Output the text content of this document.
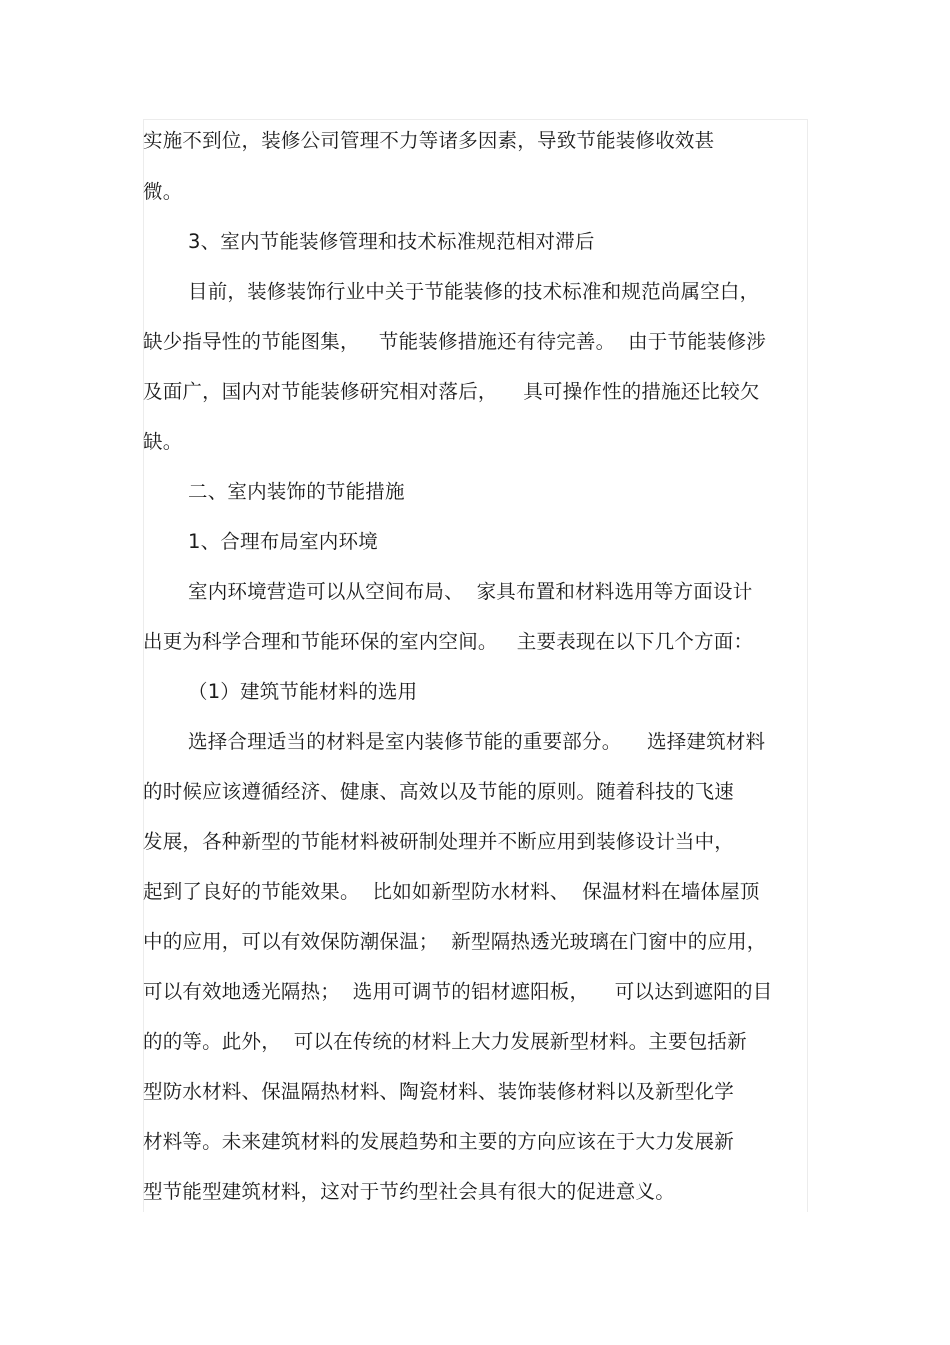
实施不到位，装修公司管理不力等诸多因素，导致节能装修收效甚
微。
3、室内节能装修管理和技术标准规范相对滞后
目前，装修装饰行业中关于节能装修的技术标准和规范尚属空白，
缺少指导性的节能图集，   节能装修措施还有待完善。  由于节能装修涉
及面广，国内对节能装修研究相对落后，    具可操作性的措施还比较欠
缺。
二、室内装饰的节能措施
1、合理布局室内环境
室内环境营造可以从空间布局、  家具布置和材料选用等方面设计
出更为科学合理和节能环保的室内空间。   主要表现在以下几个方面：
（1）建筑节能材料的选用
选择合理适当的材料是室内装修节能的重要部分。    选择建筑材料
的时候应该遵循经济、健康、高效以及节能的原则。随着科技的飞速
发展，各种新型的节能材料被研制处理并不断应用到装修设计当中，
起到了良好的节能效果。  比如如新型防水材料、  保温材料在墙体屋顶
中的应用，可以有效保防潮保温；  新型隔热透光玻璃在门窗中的应用，
可以有效地透光隔热；  选用可调节的铝材遮阳板，    可以达到遮阳的目
的的等。此外，  可以在传统的材料上大力发展新型材料。主要包括新
型防水材料、保温隔热材料、陶瓷材料、装饰装修材料以及新型化学
材料等。未来建筑材料的发展趋势和主要的方向应该在于大力发展新
型节能型建筑材料，这对于节约型社会具有很大的促进意义。
